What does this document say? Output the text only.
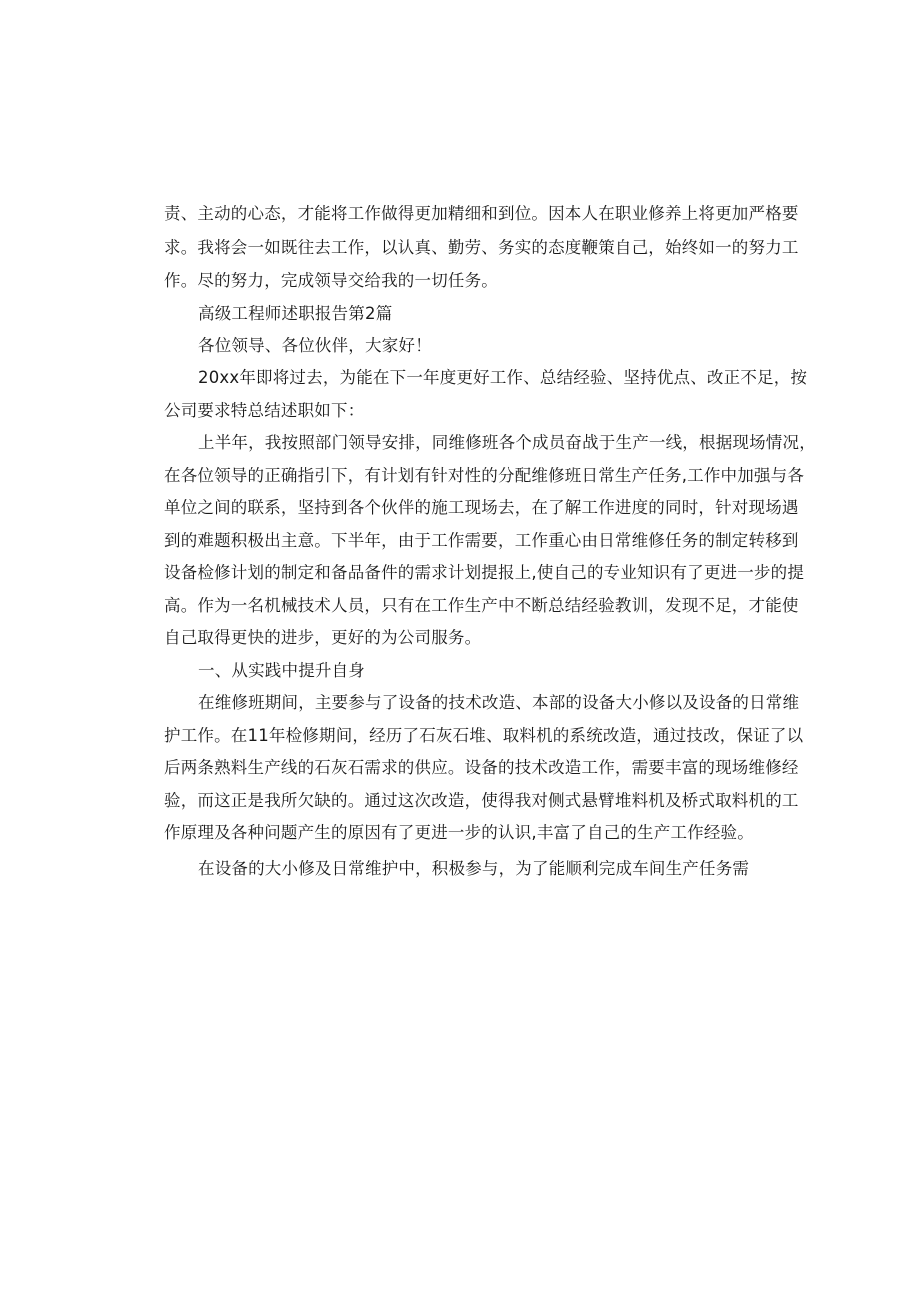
责、主动的心态，才能将工作做得更加精细和到位。因本人在职业修养上将更加严格要
求。我将会一如既往去工作，以认真、勤劳、务实的态度鞭策自己，始终如一的努力工
作。尽的努力，完成领导交给我的一切任务。
高级工程师述职报告第2篇
各位领导、各位伙伴，大家好！
20xx年即将过去，为能在下一年度更好工作、总结经验、坚持优点、改正不足，按
公司要求特总结述职如下：
上半年，我按照部门领导安排，同维修班各个成员奋战于生产一线，根据现场情况，
在各位领导的正确指引下，有计划有针对性的分配维修班日常生产任务,工作中加强与各
单位之间的联系，坚持到各个伙伴的施工现场去，在了解工作进度的同时，针对现场遇
到的难题积极出主意。下半年，由于工作需要，工作重心由日常维修任务的制定转移到
设备检修计划的制定和备品备件的需求计划提报上,使自己的专业知识有了更进一步的提
高。作为一名机械技术人员，只有在工作生产中不断总结经验教训，发现不足，才能使
自己取得更快的进步，更好的为公司服务。
一、从实践中提升自身
在维修班期间，主要参与了设备的技术改造、本部的设备大小修以及设备的日常维
护工作。在11年检修期间，经历了石灰石堆、取料机的系统改造，通过技改，保证了以
后两条熟料生产线的石灰石需求的供应。设备的技术改造工作，需要丰富的现场维修经
验，而这正是我所欠缺的。通过这次改造，使得我对侧式悬臂堆料机及桥式取料机的工
作原理及各种问题产生的原因有了更进一步的认识,丰富了自己的生产工作经验。
在设备的大小修及日常维护中，积极参与，为了能顺利完成车间生产任务需
